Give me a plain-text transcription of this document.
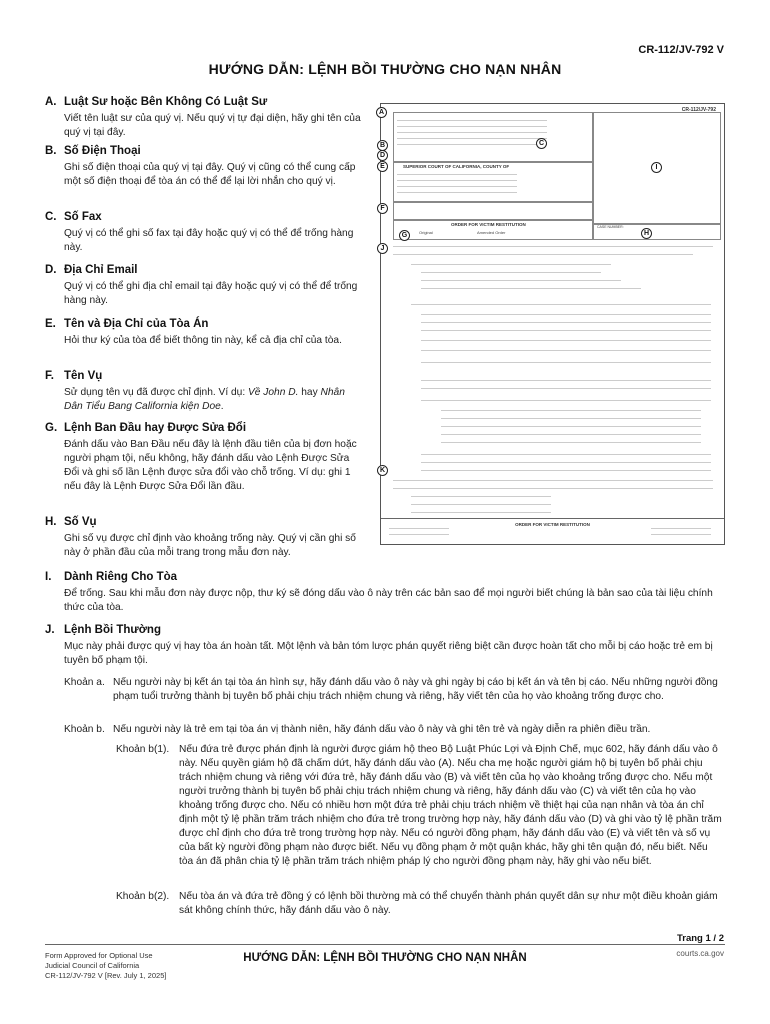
CR-112/JV-792 V
HƯỚNG DẪN: LỆNH BỒI THƯỜNG CHO NẠN NHÂN
A. Luật Sư hoặc Bên Không Có Luật Sư
Viết tên luật sư của quý vị. Nếu quý vị tự đại diện, hãy ghi tên của quý vị tại đây.
B. Số Điện Thoại
Ghi số điện thoại của quý vị tại đây. Quý vị cũng có thể cung cấp một số điện thoại để tòa án có thể để lại lời nhắn cho quý vị.
C. Số Fax
Quý vị có thể ghi số fax tại đây hoặc quý vị có thể để trống hàng này.
D. Địa Chỉ Email
Quý vị có thể ghi địa chỉ email tại đây hoặc quý vị có thể để trống hàng này.
E. Tên và Địa Chỉ của Tòa Án
Hỏi thư ký của tòa để biết thông tin này, kể cả địa chỉ của tòa.
F. Tên Vụ
Sử dụng tên vụ đã được chỉ định. Ví dụ: Về John D. hay Nhân Dân Tiểu Bang California kiện Doe.
G. Lệnh Ban Đầu hay Được Sửa Đổi
Đánh dấu vào Ban Đầu nếu đây là lệnh đầu tiên của bị đơn hoặc người phạm tội, nếu không, hãy đánh dấu vào Lệnh Được Sửa Đổi và ghi số lần Lệnh được sửa đổi vào chỗ trống. Ví dụ: ghi 1 nếu đây là Lệnh Được Sửa Đổi lần đầu.
H. Số Vụ
Ghi số vụ được chỉ định vào khoảng trống này. Quý vị cần ghi số này ở phần đầu của mỗi trang trong mẫu đơn này.
CR-112/JV-792
SUPERIOR COURT OF CALIFORNIA, COUNTY OF
ORDER FOR VICTIM RESTITUTION
Original	Amended Order
CASE NUMBER:
ORDER FOR VICTIM RESTITUTION
A
B	C
D
E
F
G	H
I
J
K
I.	Dành Riêng Cho Tòa
Để trống. Sau khi mẫu đơn này được nộp, thư ký sẽ đóng dấu vào ô này trên các bản sao để mọi người biết chúng là bản sao của tài liệu chính thức của tòa.
J. Lệnh Bồi Thường
Mục này phải được quý vị hay tòa án hoàn tất. Một lệnh và bản tóm lược phán quyết riêng biệt cần được hoàn tất cho mỗi bị cáo hoặc trẻ em bị tuyên bố phạm tội.
Khoản a. Nếu người này bị kết án tại tòa án hình sự, hãy đánh dấu vào ô này và ghi ngày bị cáo bị kết án và tên bị cáo. Nếu những người đồng phạm tuổi trưởng thành bị tuyên bố phải chịu trách nhiệm chung và riêng, hãy viết tên của họ vào khoảng trống được cho.
Khoản b. Nếu người này là trẻ em tại tòa án vị thành niên, hãy đánh dấu vào ô này và ghi tên trẻ và ngày diễn ra phiên điều trần.
Khoản b(1). Nếu đứa trẻ được phán định là người được giám hộ theo Bộ Luật Phúc Lợi và Định Chế, mục 602, hãy đánh dấu vào ô này. Nếu quyền giám hộ đã chấm dứt, hãy đánh dấu vào (A). Nếu cha mẹ hoặc người giám hộ bị tuyên bố phải chịu trách nhiệm chung và riêng với đứa trẻ, hãy đánh dấu vào (B) và viết tên của họ vào khoảng trống được cho. Nếu một người trưởng thành bị tuyên bố phải chịu trách nhiệm chung và riêng, hãy đánh dấu vào (C) và viết tên của họ vào khoảng trống được cho. Nếu có nhiều hơn một đứa trẻ phải chịu trách nhiệm về thiệt hại của nạn nhân và tòa án chỉ định một tỷ lệ phần trăm trách nhiệm cho đứa trẻ trong trường hợp này, hãy đánh dấu vào (D) và ghi vào tỷ lệ phần trăm được chỉ định cho đứa trẻ trong trường hợp này. Nếu có người đồng phạm, hãy đánh dấu vào (E) và viết tên và số vụ của bất kỳ người đồng phạm nào được biết. Nếu vụ đồng phạm ở một quận khác, hãy ghi tên quận đó, nếu biết. Nếu tòa án đã phân chia tỷ lệ phần trăm trách nhiệm pháp lý cho người đồng phạm này, hãy ghi vào nếu biết.
Khoản b(2). Nếu tòa án và đứa trẻ đồng ý có lệnh bồi thường mà có thể chuyển thành phán quyết dân sự như một điều khoản giám sát không chính thức, hãy đánh dấu vào ô này.
Trang 1 / 2
Form Approved for Optional Use
Judicial Council of California
CR-112/JV-792 V [Rev. July 1, 2025]
HƯỚNG DẪN: LỆNH BỒI THƯỜNG CHO NẠN NHÂN	courts.ca.gov
